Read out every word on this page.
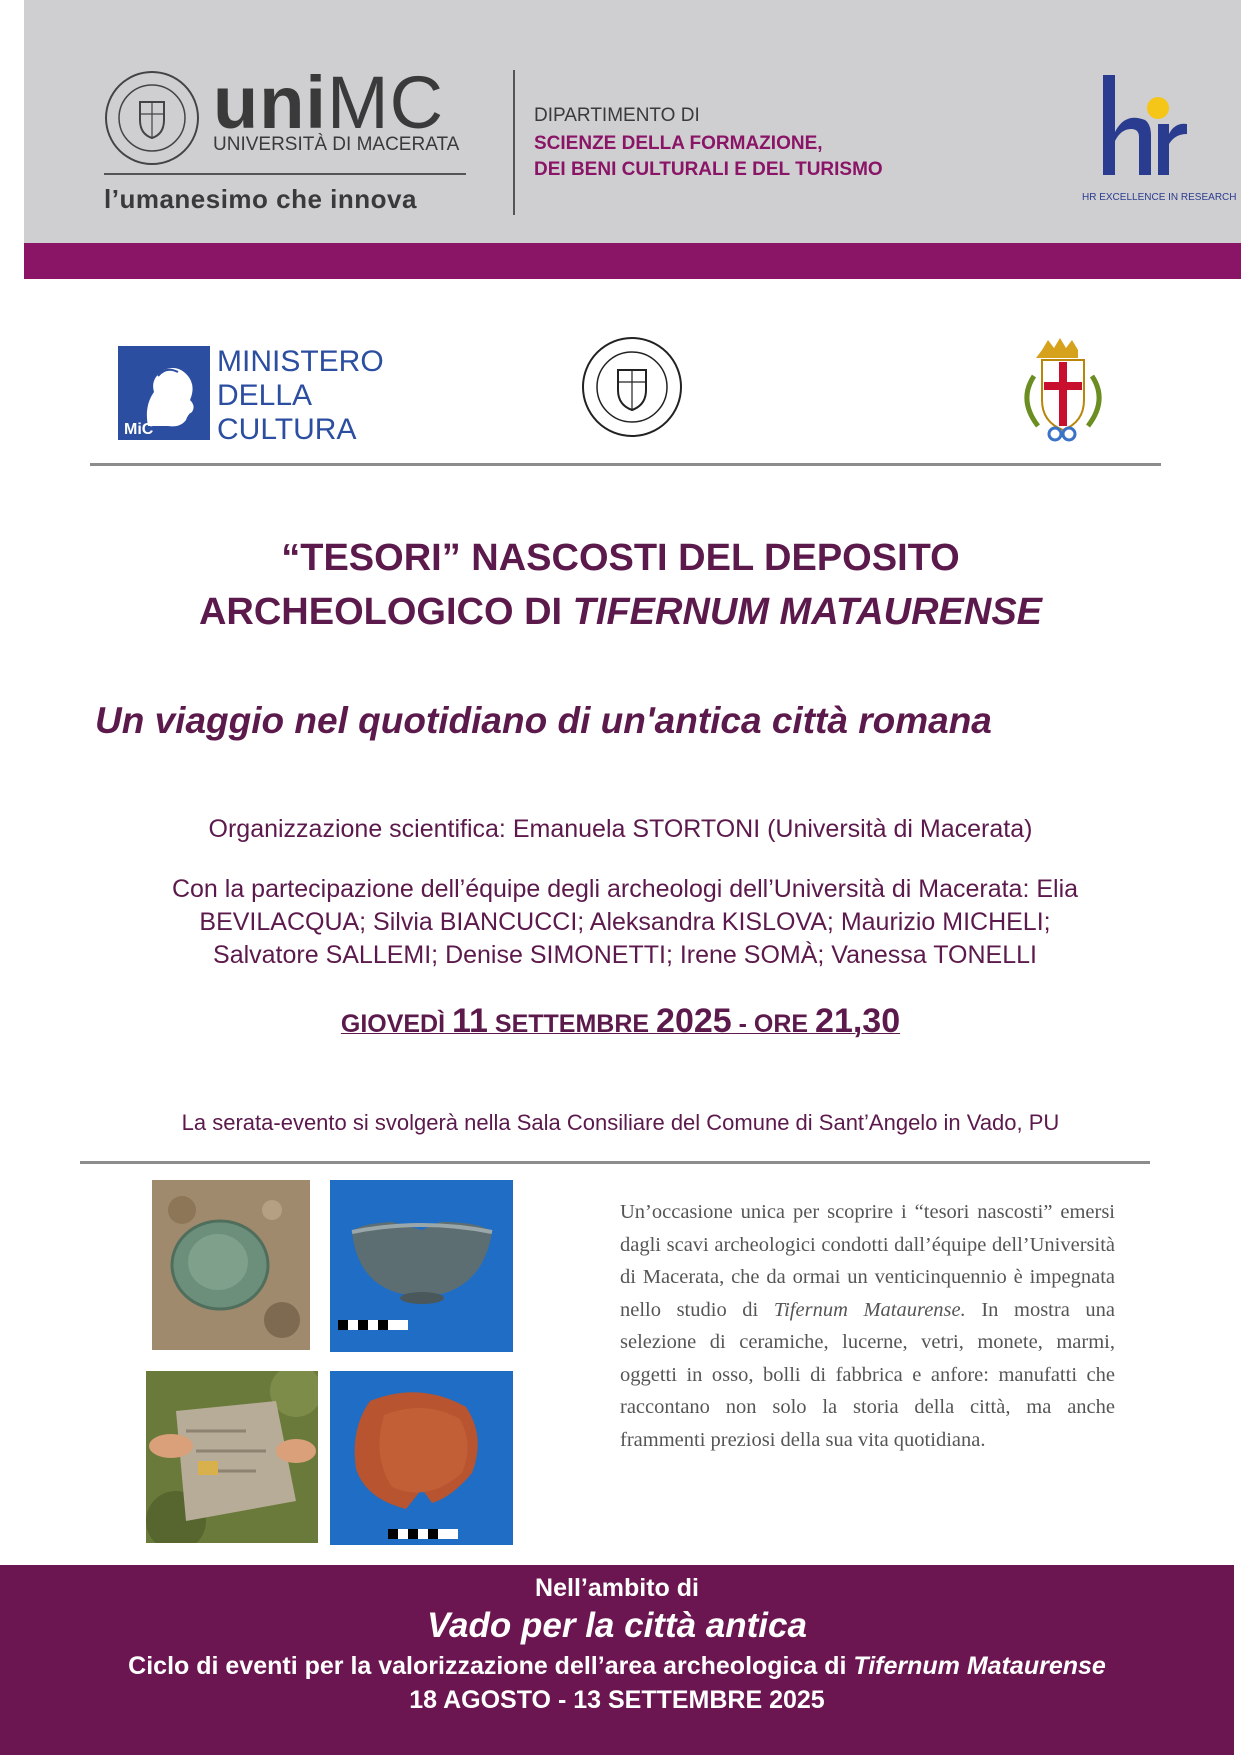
uniMC
UNIVERSITÀ DI MACERATA
l’umanesimo che innova
DIPARTIMENTO DI
SCIENZE DELLA FORMAZIONE,
DEI BENI CULTURALI E DEL TURISMO
HR EXCELLENCE IN RESEARCH
MiC
MINISTERO
DELLA
CULTURA
“TESORI” NASCOSTI DEL DEPOSITO
ARCHEOLOGICO DI TIFERNUM MATAURENSE
Un viaggio nel quotidiano di un'antica città romana
Organizzazione scientifica: Emanuela STORTONI (Università di Macerata)
Con la partecipazione dell’équipe degli archeologi dell’Università di Macerata: Elia
BEVILACQUA; Silvia BIANCUCCI; Aleksandra KISLOVA; Maurizio MICHELI;
Salvatore SALLEMI; Denise SIMONETTI; Irene SOMÀ; Vanessa TONELLI
GIOVEDÌ 11 SETTEMBRE 2025 - ORE 21,30
La serata-evento si svolgerà nella Sala Consiliare del Comune di Sant’Angelo in Vado, PU
Un’occasione unica per scoprire i “tesori nascosti” emersi dagli scavi archeologici condotti dall’équipe dell’Università di Macerata, che da ormai un venticinquennio è impegnata nello studio di Tifernum Mataurense. In mostra una selezione di ceramiche, lucerne, vetri, monete, marmi, oggetti in osso, bolli di fabbrica e anfore: manufatti che raccontano non solo la storia della città, ma anche frammenti preziosi della sua vita quotidiana.
Nell’ambito di
Vado per la città antica
Ciclo di eventi per la valorizzazione dell’area archeologica di Tifernum Mataurense
18 AGOSTO - 13 SETTEMBRE 2025
